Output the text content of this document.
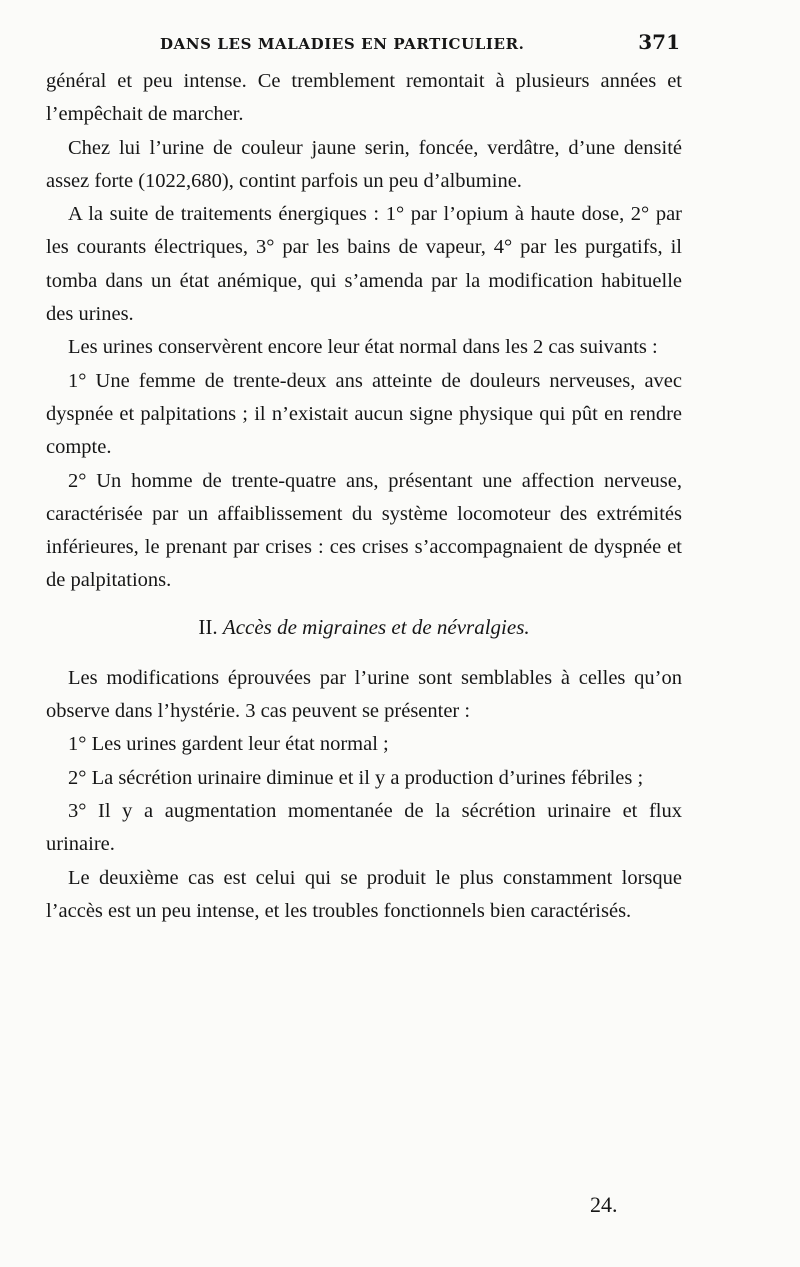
DANS LES MALADIES EN PARTICULIER.	371

général et peu intense. Ce tremblement remontait à plusieurs années et l’empêchait de marcher.

Chez lui l’urine de couleur jaune serin, foncée, verdâtre, d’une densité assez forte (1022,680), contint parfois un peu d’albumine.

A la suite de traitements énergiques : 1° par l’opium à haute dose, 2° par les courants électriques, 3° par les bains de vapeur, 4° par les purgatifs, il tomba dans un état anémique, qui s’amenda par la modification habituelle des urines.

Les urines conservèrent encore leur état normal dans les 2 cas suivants :

1° Une femme de trente-deux ans atteinte de douleurs nerveuses, avec dyspnée et palpitations ; il n’existait aucun signe physique qui pût en rendre compte.

2° Un homme de trente-quatre ans, présentant une affection nerveuse, caractérisée par un affaiblissement du système locomoteur des extrémités inférieures, le prenant par crises : ces crises s’accompagnaient de dyspnée et de palpitations.

II. Accès de migraines et de névralgies.

Les modifications éprouvées par l’urine sont semblables à celles qu’on observe dans l’hystérie. 3 cas peuvent se présenter :

1° Les urines gardent leur état normal ;

2° La sécrétion urinaire diminue et il y a production d’urines fébriles ;

3° Il y a augmentation momentanée de la sécrétion urinaire et flux urinaire.

Le deuxième cas est celui qui se produit le plus constamment lorsque l’accès est un peu intense, et les troubles fonctionnels bien caractérisés.

24.
